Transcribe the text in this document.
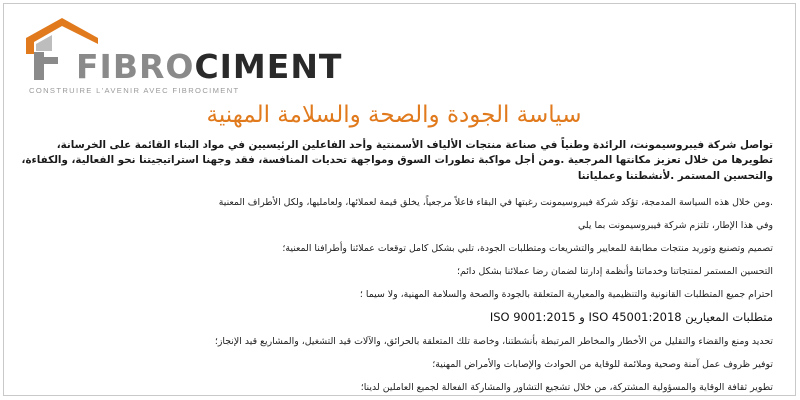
FIBROCIMENT

CONSTRUIRE L'AVENIR AVEC FIBROCIMENT

سياسة الجودة والصحة والسلامة المهنية

تواصل شركة فيبروسيمونت، الرائدة وطنياً في صناعة منتجات الألياف الأسمنتية وأحد الفاعلين الرئيسيين في مواد البناء القائمة على الخرسانة، تطويرها من خلال تعزيز مكانتها المرجعية .ومن أجل مواكبة تطورات السوق ومواجهة تحديات المنافسة، فقد وجهنا استراتيجيتنا نحو الفعالية، والكفاءة، والتحسين المستمر .لأنشطتنا وعملياتنا

.ومن خلال هذه السياسة المدمجة، تؤكد شركة فيبروسيمونت رغبتها في البقاء فاعلاً مرجعياً، يخلق قيمة لعملائها، ولعامليها، ولكل الأطراف المعنية
وفي هذا الإطار، تلتزم شركة فيبروسيمونت بما يلي
تصميم وتصنيع وتوريد منتجات مطابقة للمعايير والتشريعات ومتطلبات الجودة، تلبي بشكل كامل توقعات عملائنا وأطرافنا المعنية؛
التحسين المستمر لمنتجاتنا وخدماتنا وأنظمة إدارتنا لضمان رضا عملائنا بشكل دائم؛
احترام جميع المتطلبات القانونية والتنظيمية والمعيارية المتعلقة بالجودة والصحة والسلامة المهنية، ولا سيما ؛
متطلبات المعيارين ISO 45001:2018 و ISO 9001:2015
تحديد ومنع والقضاء والتقليل من الأخطار والمخاطر المرتبطة بأنشطتنا، وخاصة تلك المتعلقة بالحرائق، والآلات قيد التشغيل، والمشاريع قيد الإنجاز؛
توفير ظروف عمل آمنة وصحية وملائمة للوقاية من الحوادث والإصابات والأمراض المهنية؛
تطوير ثقافة الوقاية والمسؤولية المشتركة، من خلال تشجيع التشاور والمشاركة الفعالة لجميع العاملين لدينا؛
